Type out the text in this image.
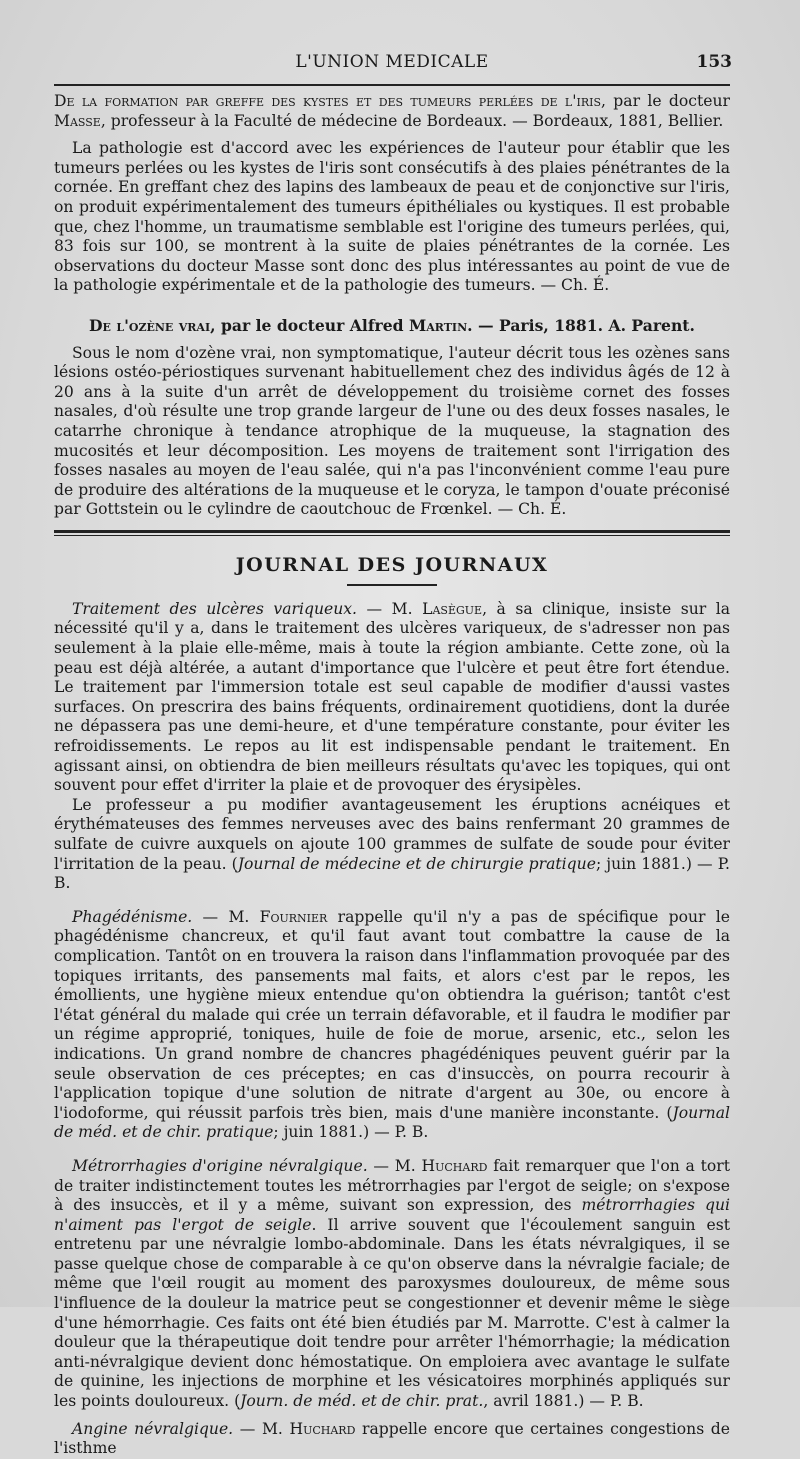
L'UNION MEDICALE	153

De la formation par greffe des kystes et des tumeurs perlées de l'iris, par le docteur Masse, professeur à la Faculté de médecine de Bordeaux. — Bordeaux, 1881, Bellier.

La pathologie est d'accord avec les expériences de l'auteur pour établir que les tumeurs perlées ou les kystes de l'iris sont consécutifs à des plaies pénétrantes de la cornée. En greffant chez des lapins des lambeaux de peau et de conjonctive sur l'iris, on produit expérimentalement des tumeurs épithéliales ou kystiques. Il est probable que, chez l'homme, un traumatisme semblable est l'origine des tumeurs perlées, qui, 83 fois sur 100, se montrent à la suite de plaies pénétrantes de la cornée. Les observations du docteur Masse sont donc des plus intéressantes au point de vue de la pathologie expérimentale et de la pathologie des tumeurs. — Ch. É.

De l'ozène vrai, par le docteur Alfred Martin. — Paris, 1881. A. Parent.

Sous le nom d'ozène vrai, non symptomatique, l'auteur décrit tous les ozènes sans lésions ostéo-périostiques survenant habituellement chez des individus âgés de 12 à 20 ans à la suite d'un arrêt de développement du troisième cornet des fosses nasales, d'où résulte une trop grande largeur de l'une ou des deux fosses nasales, le catarrhe chronique à tendance atrophique de la muqueuse, la stagnation des mucosités et leur décomposition. Les moyens de traitement sont l'irrigation des fosses nasales au moyen de l'eau salée, qui n'a pas l'inconvénient comme l'eau pure de produire des altérations de la muqueuse et le coryza, le tampon d'ouate préconisé par Gottstein ou le cylindre de caoutchouc de Frœnkel. — Ch. É.

JOURNAL DES JOURNAUX

Traitement des ulcères variqueux. — M. Lasègue, à sa clinique, insiste sur la nécessité qu'il y a, dans le traitement des ulcères variqueux, de s'adresser non pas seulement à la plaie elle-même, mais à toute la région ambiante. Cette zone, où la peau est déjà altérée, a autant d'importance que l'ulcère et peut être fort étendue. Le traitement par l'immersion totale est seul capable de modifier d'aussi vastes surfaces. On prescrira des bains fréquents, ordinairement quotidiens, dont la durée ne dépassera pas une demi-heure, et d'une température constante, pour éviter les refroidissements. Le repos au lit est indispensable pendant le traitement. En agissant ainsi, on obtiendra de bien meilleurs résultats qu'avec les topiques, qui ont souvent pour effet d'irriter la plaie et de provoquer des érysipèles.

Le professeur a pu modifier avantageusement les éruptions acnéiques et érythémateuses des femmes nerveuses avec des bains renfermant 20 grammes de sulfate de cuivre auxquels on ajoute 100 grammes de sulfate de soude pour éviter l'irritation de la peau. (Journal de médecine et de chirurgie pratique; juin 1881.) — P. B.

Phagédénisme. — M. Fournier rappelle qu'il n'y a pas de spécifique pour le phagédénisme chancreux, et qu'il faut avant tout combattre la cause de la complication. Tantôt on en trouvera la raison dans l'inflammation provoquée par des topiques irritants, des pansements mal faits, et alors c'est par le repos, les émollients, une hygiène mieux entendue qu'on obtiendra la guérison; tantôt c'est l'état général du malade qui crée un terrain défavorable, et il faudra le modifier par un régime approprié, toniques, huile de foie de morue, arsenic, etc., selon les indications. Un grand nombre de chancres phagédéniques peuvent guérir par la seule observation de ces préceptes; en cas d'insuccès, on pourra recourir à l'application topique d'une solution de nitrate d'argent au 30e, ou encore à l'iodoforme, qui réussit parfois très bien, mais d'une manière inconstante. (Journal de méd. et de chir. pratique; juin 1881.) — P. B.

Métrorrhagies d'origine névralgique. — M. Huchard fait remarquer que l'on a tort de traiter indistinctement toutes les métrorrhagies par l'ergot de seigle; on s'expose à des insuccès, et il y a même, suivant son expression, des métrorrhagies qui n'aiment pas l'ergot de seigle. Il arrive souvent que l'écoulement sanguin est entretenu par une névralgie lombo-abdominale. Dans les états névralgiques, il se passe quelque chose de comparable à ce qu'on observe dans la névralgie faciale; de même que l'œil rougit au moment des paroxysmes douloureux, de même sous l'influence de la douleur la matrice peut se congestionner et devenir même le siège d'une hémorrhagie. Ces faits ont été bien étudiés par M. Marrotte. C'est à calmer la douleur que la thérapeutique doit tendre pour arrêter l'hémorrhagie; la médication anti-névralgique devient donc hémostatique. On emploiera avec avantage le sulfate de quinine, les injections de morphine et les vésicatoires morphinés appliqués sur les points douloureux. (Journ. de méd. et de chir. prat., avril 1881.) — P. B.

Angine névralgique. — M. Huchard rappelle encore que certaines congestions de l'isthme
